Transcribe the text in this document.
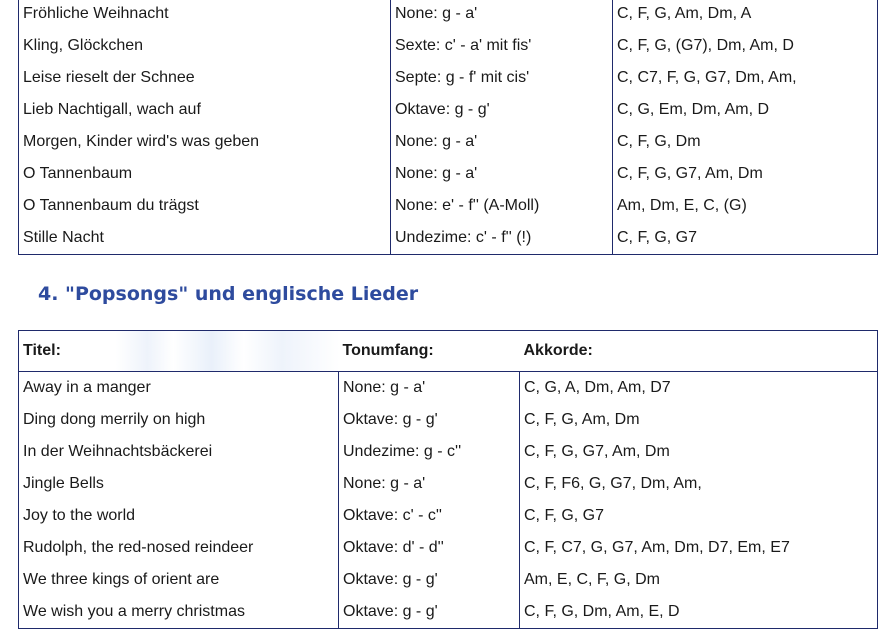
Fröhliche Weihnacht	None: g - a'	C, F, G, Am, Dm, A
Kling, Glöckchen	Sexte: c' - a' mit fis'	C, F, G, (G7), Dm, Am, D
Leise rieselt der Schnee	Septe: g - f' mit cis'	C, C7, F, G, G7, Dm, Am,
Lieb Nachtigall, wach auf	Oktave: g - g'	C, G, Em, Dm, Am, D
Morgen, Kinder wird's was geben	None: g - a'	C, F, G, Dm
O Tannenbaum	None: g - a'	C, F, G, G7, Am, Dm
O Tannenbaum du trägst	None: e' - f'' (A-Moll)	Am, Dm, E, C, (G)
Stille Nacht	Undezime: c' - f'' (!)	C, F, G, G7
4. "Popsongs" und englische Lieder
Titel:	Tonumfang:	Akkorde:
Away in a manger	None: g - a'	C, G, A, Dm, Am, D7
Ding dong merrily on high	Oktave: g - g'	C, F, G, Am, Dm
In der Weihnachtsbäckerei	Undezime: g - c''	C, F, G, G7, Am, Dm
Jingle Bells	None: g - a'	C, F, F6, G, G7, Dm, Am,
Joy to the world	Oktave: c' - c''	C, F, G, G7
Rudolph, the red-nosed reindeer	Oktave: d' - d''	C, F, C7, G, G7, Am, Dm, D7, Em, E7
We three kings of orient are	Oktave: g - g'	Am, E, C, F, G, Dm
We wish you a merry christmas	Oktave: g - g'	C, F, G, Dm, Am, E, D
